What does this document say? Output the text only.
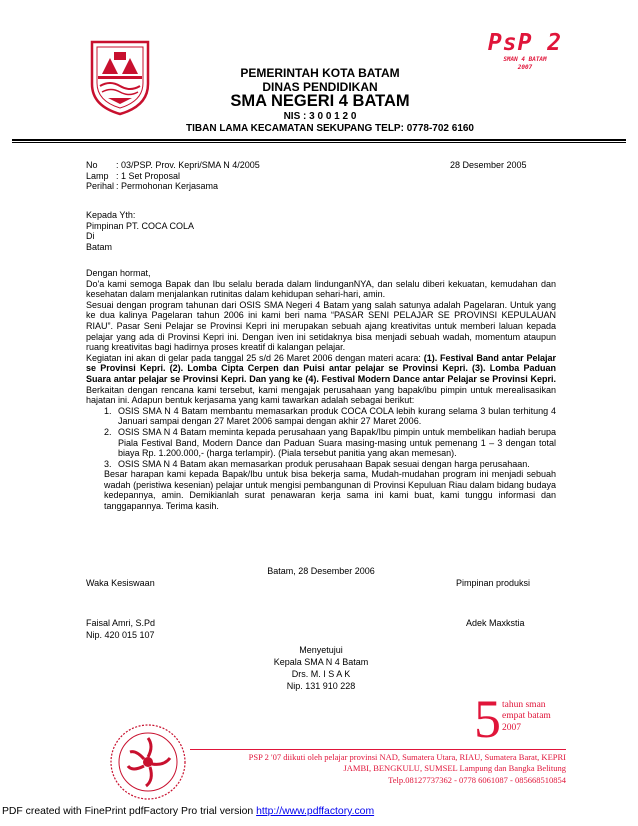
PsP 2
SMAN 4 BATAM
2007
PEMERINTAH KOTA BATAM
DINAS PENDIDIKAN
SMA NEGERI 4 BATAM
NIS : 3 0 0 1 2 0
TIBAN LAMA KECAMATAN SEKUPANG TELP: 0778-702 6160
No	: 03/PSP. Prov. Kepri/SMA N 4/2005
Lamp : 1 Set Proposal
Perihal : Permohonan Kerjasama
28 Desember 2005
Kepada Yth:
Pimpinan PT. COCA COLA
Di
Batam

Dengan hormat,

Do'a kami semoga Bapak dan Ibu selalu berada dalam lindunganNYA, dan selalu diberi kekuatan, kemudahan dan kesehatan dalam menjalankan rutinitas dalam kehidupan sehari-hari, amin.

Sesuai dengan program tahunan dari OSIS SMA Negeri 4 Batam yang salah satunya adalah Pagelaran. Untuk yang ke dua kalinya Pagelaran tahun 2006 ini kami beri nama “PASAR SENI PELAJAR SE PROVINSI KEPULAUAN RIAU”. Pasar Seni Pelajar se Provinsi Kepri ini merupakan sebuah ajang kreativitas untuk memberi laluan kepada pelajar yang ada di Provinsi Kepri ini. Dengan iven ini setidaknya bisa menjadi sebuah wadah, momentum ataupun ruang kreativitas bagi hadirnya proses kreatif di kalangan pelajar.

Kegiatan ini akan di gelar pada tanggal 25 s/d 26 Maret 2006 dengan materi acara: (1). Festival Band antar Pelajar se Provinsi Kepri. (2). Lomba Cipta Cerpen dan Puisi antar pelajar se Provinsi Kepri. (3). Lomba Paduan Suara antar pelajar se Provinsi Kepri. Dan yang ke (4). Festival Modern Dance antar Pelajar se Provinsi Kepri. Berkaitan dengan rencana kami tersebut, kami mengajak perusahaan yang bapak/ibu pimpin untuk merealisasikan hajatan ini. Adapun bentuk kerjasama yang kami tawarkan adalah sebagai berikut:

1. OSIS SMA N 4 Batam membantu memasarkan produk COCA COLA lebih kurang selama 3 bulan terhitung 4 Januari sampai dengan 27 Maret 2006 sampai dengan akhir 27 Maret 2006.
2. OSIS SMA N 4 Batam meminta kepada perusahaan yang Bapak/Ibu pimpin untuk membelikan hadiah berupa Piala Festival Band, Modern Dance dan Paduan Suara masing-masing untuk pemenang 1 – 3 dengan total biaya Rp. 1.200.000,- (harga terlampir). (Piala tersebut panitia yang akan memesan).
3. OSIS SMA N 4 Batam akan memasarkan produk perusahaan Bapak sesuai dengan harga perusahaan.

Besar harapan kami kepada Bapak/Ibu untuk bisa bekerja sama, Mudah-mudahan program ini menjadi sebuah wadah (peristiwa kesenian) pelajar untuk mengisi pembangunan di Provinsi Kepuluan Riau dalam bidang budaya kedepannya, amin. Demikianlah surat penawaran kerja sama ini kami buat, kami tunggu informasi dan tanggapannya. Terima kasih.

Batam, 28 Desember 2006
Waka Kesiswaan	Pimpinan produksi
Faisal Amri, S.Pd
Nip. 420 015 107
Adek Maxkstia
Menyetujui
Kepala SMA N 4 Batam
Drs. M. I S A K
Nip. 131 910 228
5 tahun sman
empat batam
2007
PSP 2 '07 diikuti oleh pelajar provinsi NAD, Sumatera Utara, RIAU, Sumatera Barat, KEPRI
JAMBI, BENGKULU, SUMSEL Lampung dan Bangka Belitung
Telp.08127737362 - 0778 6061087 - 085668510854
PDF created with FinePrint pdfFactory Pro trial version http://www.pdffactory.com
